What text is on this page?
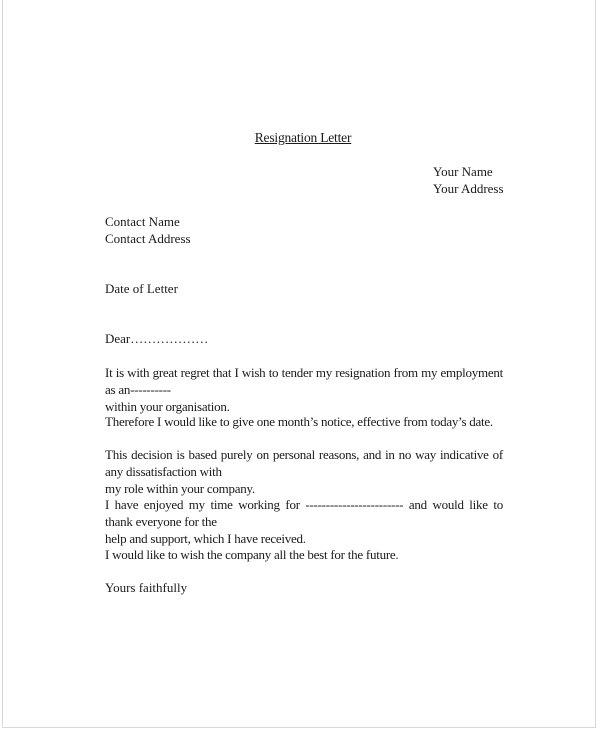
Resignation Letter
Your Name
Your Address
Contact Name
Contact Address
Date of Letter
Dear………………
It is with great regret that I wish to tender my resignation from my employment as an----------
within your organisation.
Therefore I would like to give one month’s notice, effective from today’s date.
This decision is based purely on personal reasons, and in no way indicative of any dissatisfaction with
my role within your company.
I have enjoyed my time working for ------------------------ and would like to thank everyone for the
help and support, which I have received.
I would like to wish the company all the best for the future.
Yours faithfully
